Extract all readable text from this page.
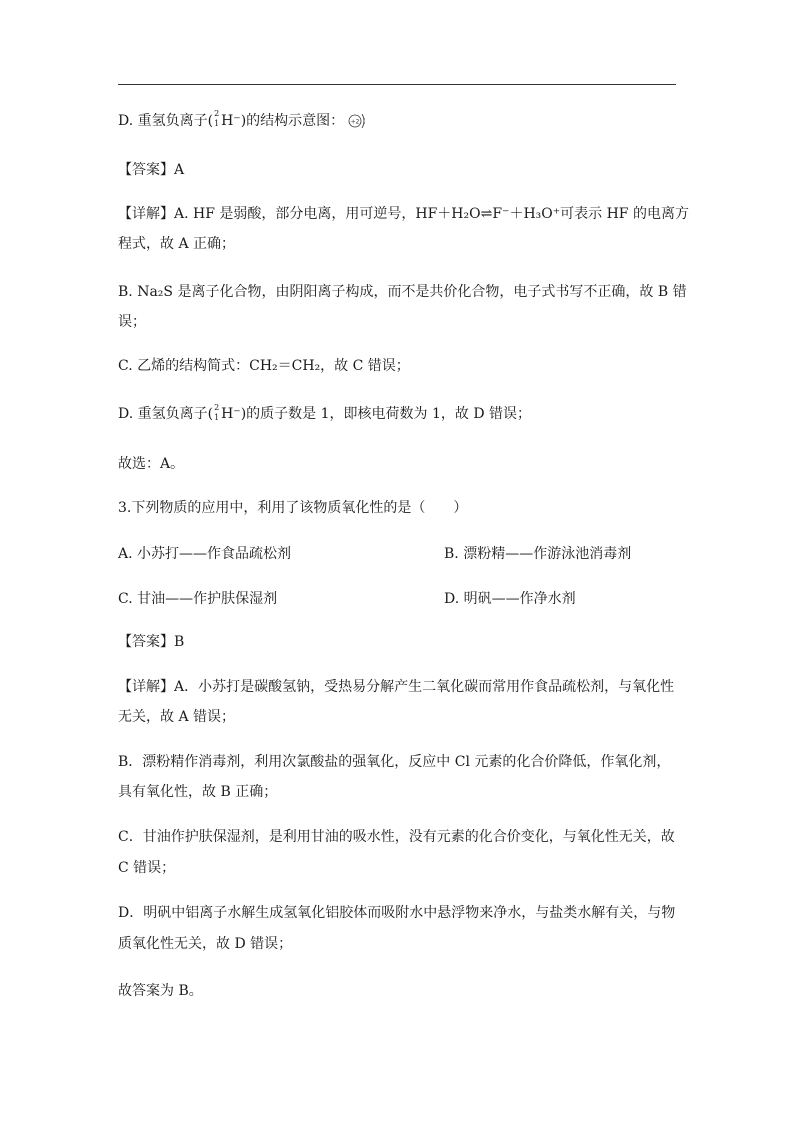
D. 重氢负离子( 2
1 H⁻)的结构示意图： +2
【答案】A
【详解】A. HF 是弱酸，部分电离，用可逆号，HF＋H₂O⇌F⁻＋H₃O⁺可表示 HF 的电离方
程式，故 A 正确；
B. Na₂S 是离子化合物，由阴阳离子构成，而不是共价化合物，电子式书写不正确，故 B 错
误；
C. 乙烯的结构简式：CH₂＝CH₂，故 C 错误；
D. 重氢负离子( 2
1 H⁻)的质子数是 1，即核电荷数为 1，故 D 错误；
故选：A。
3.下列物质的应用中，利用了该物质氧化性的是（　　）
A. 小苏打——作食品疏松剂	B. 漂粉精——作游泳池消毒剂
C. 甘油——作护肤保湿剂	D. 明矾——作净水剂
【答案】B
【详解】A．小苏打是碳酸氢钠，受热易分解产生二氧化碳而常用作食品疏松剂，与氧化性
无关，故 A 错误；
B．漂粉精作消毒剂，利用次氯酸盐的强氧化，反应中 Cl 元素的化合价降低，作氧化剂，
具有氧化性，故 B 正确；
C．甘油作护肤保湿剂，是利用甘油的吸水性，没有元素的化合价变化，与氧化性无关，故
C 错误；
D．明矾中铝离子水解生成氢氧化铝胶体而吸附水中悬浮物来净水，与盐类水解有关，与物
质氧化性无关，故 D 错误；
故答案为 B。
